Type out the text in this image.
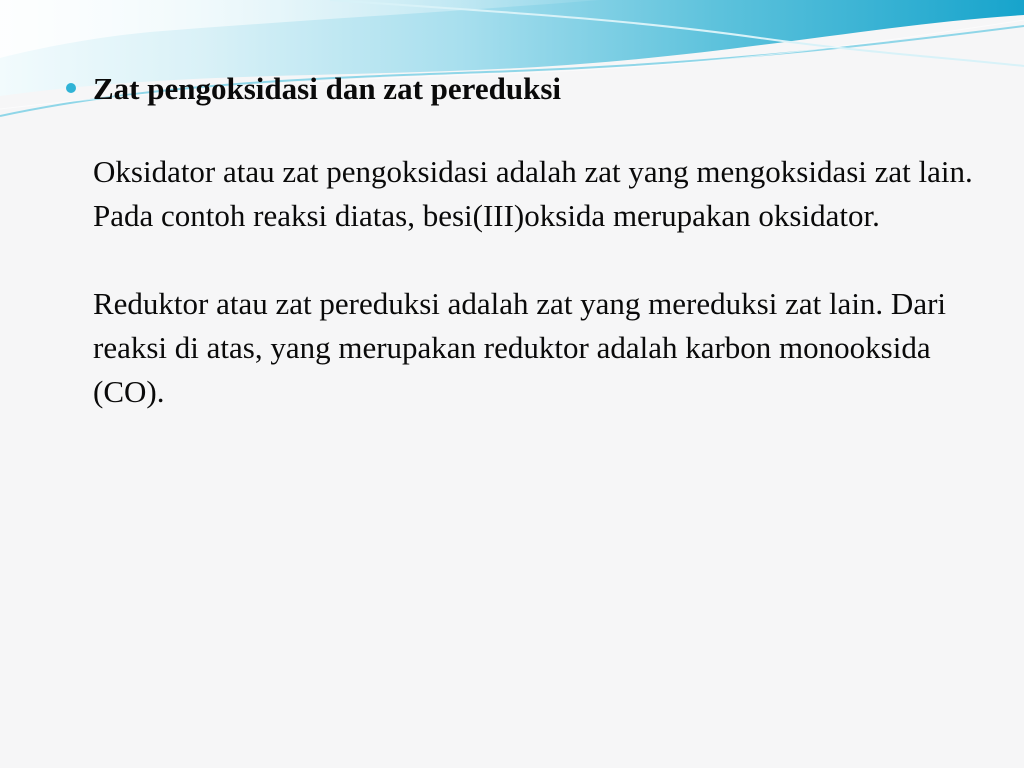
Zat pengoksidasi dan zat pereduksi
Oksidator atau zat pengoksidasi adalah zat yang mengoksidasi zat lain. Pada contoh reaksi diatas, besi(III)oksida merupakan oksidator.
Reduktor atau zat pereduksi adalah zat yang mereduksi zat lain. Dari reaksi di atas, yang merupakan reduktor adalah karbon monooksida (CO).
